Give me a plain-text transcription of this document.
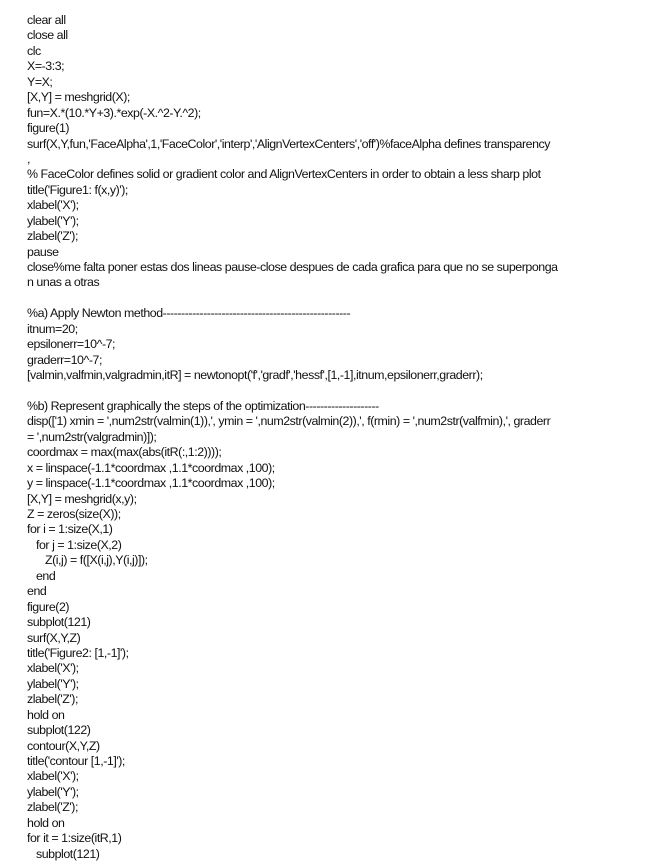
clear all
close all
clc
X=-3:3;
Y=X;
[X,Y] = meshgrid(X);
fun=X.*(10.*Y+3).*exp(-X.^2-Y.^2);
figure(1)
surf(X,Y,fun,'FaceAlpha',1,'FaceColor','interp','AlignVertexCenters','off')%faceAlpha defines transparency
,
% FaceColor defines solid or gradient color and AlignVertexCenters in order to obtain a less sharp plot
title('Figure1: f(x,y)');
xlabel('X');
ylabel('Y');
zlabel('Z');
pause
close%me falta poner estas dos lineas pause-close despues de cada grafica para que no se superponga
n unas a otras
%a) Apply Newton method---------------------------------------------------
itnum=20;
epsilonerr=10^-7;
graderr=10^-7;
[valmin,valfmin,valgradmin,itR] = newtonopt('f','gradf','hessf',[1,-1],itnum,epsilonerr,graderr);
%b) Represent graphically the steps of the optimization--------------------
disp(['1) xmin = ',num2str(valmin(1)),', ymin = ',num2str(valmin(2)),', f(rmin) = ',num2str(valfmin),', graderr
= ',num2str(valgradmin)]);
coordmax = max(max(abs(itR(:,1:2))));
x = linspace(-1.1*coordmax ,1.1*coordmax ,100);
y = linspace(-1.1*coordmax ,1.1*coordmax ,100);
[X,Y] = meshgrid(x,y);
Z = zeros(size(X));
for i = 1:size(X,1)
for j = 1:size(X,2)
Z(i,j) = f([X(i,j),Y(i,j)]);
end
end
figure(2)
subplot(121)
surf(X,Y,Z)
title('Figure2: [1,-1]');
xlabel('X');
ylabel('Y');
zlabel('Z');
hold on
subplot(122)
contour(X,Y,Z)
title('contour [1,-1]');
xlabel('X');
ylabel('Y');
zlabel('Z');
hold on
for it = 1:size(itR,1)
subplot(121)
